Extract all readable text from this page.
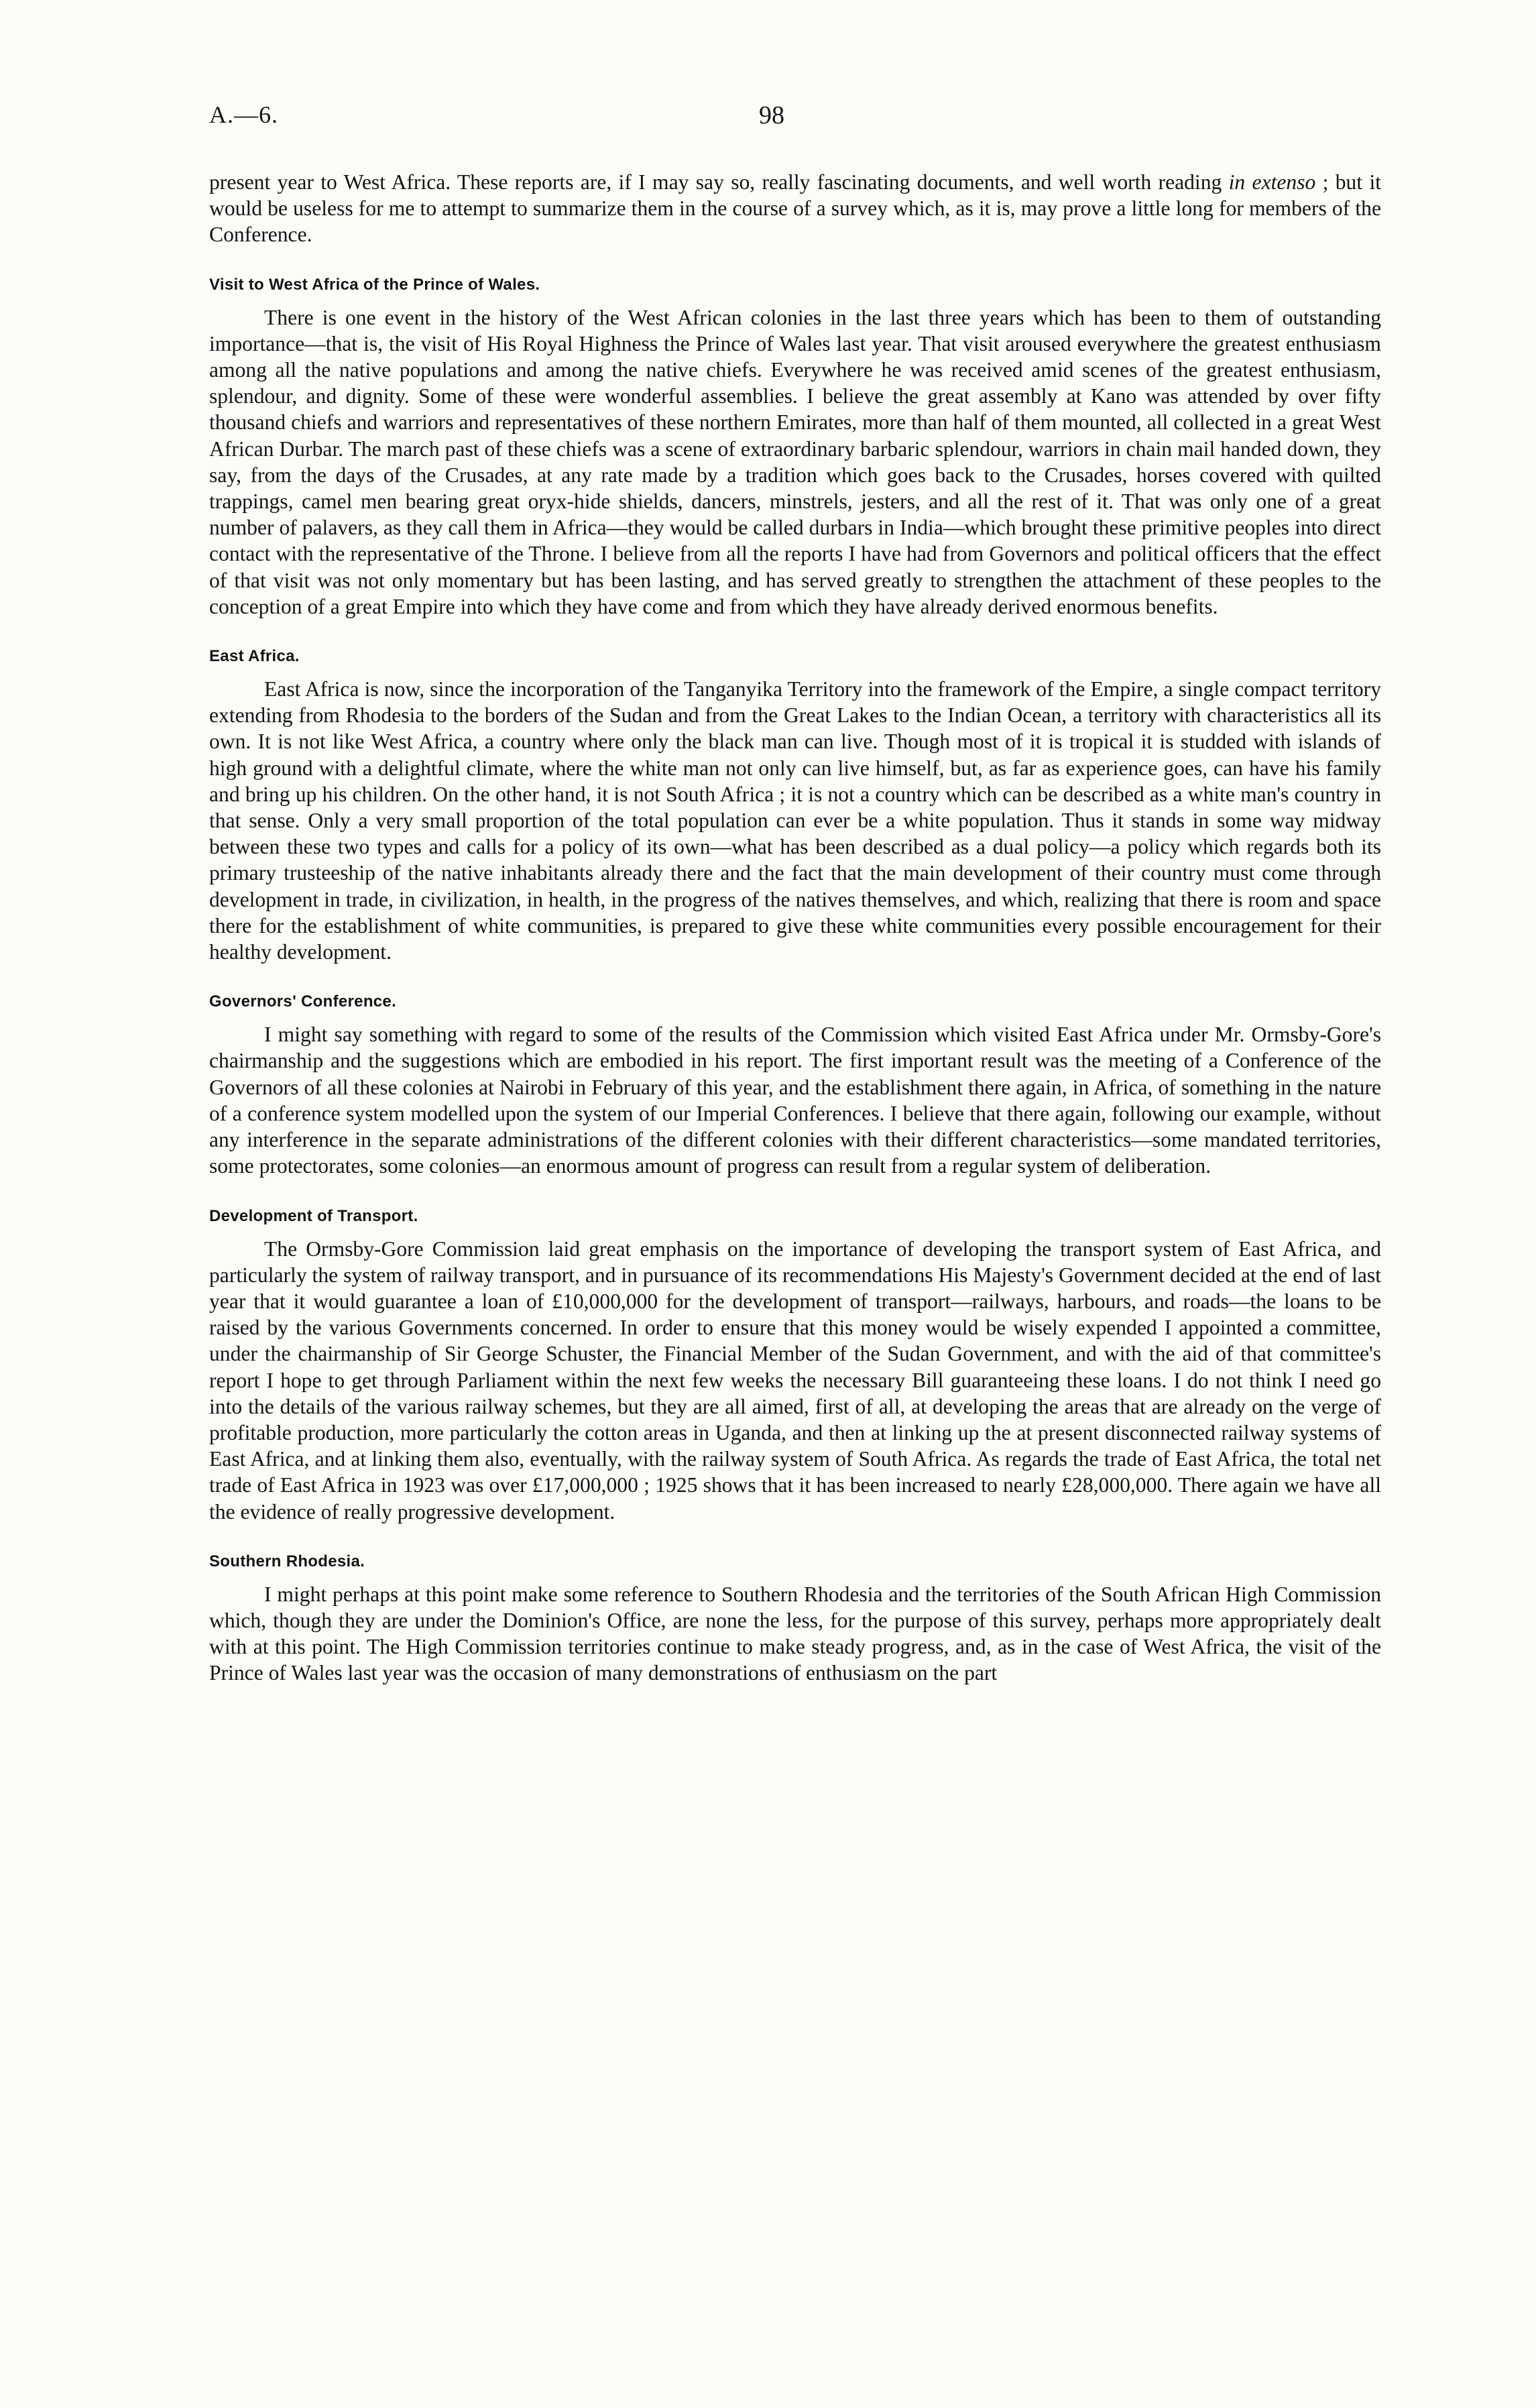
A.—6.	98

present year to West Africa. These reports are, if I may say so, really fascinating documents, and well worth reading in extenso ; but it would be useless for me to attempt to summarize them in the course of a survey which, as it is, may prove a little long for members of the Conference.

Visit to West Africa of the Prince of Wales.

There is one event in the history of the West African colonies in the last three years which has been to them of outstanding importance—that is, the visit of His Royal Highness the Prince of Wales last year. That visit aroused everywhere the greatest enthusiasm among all the native populations and among the native chiefs. Everywhere he was received amid scenes of the greatest enthusiasm, splendour, and dignity. Some of these were wonderful assemblies. I believe the great assembly at Kano was attended by over fifty thousand chiefs and warriors and representatives of these northern Emirates, more than half of them mounted, all collected in a great West African Durbar. The march past of these chiefs was a scene of extraordinary barbaric splendour, warriors in chain mail handed down, they say, from the days of the Crusades, at any rate made by a tradition which goes back to the Crusades, horses covered with quilted trappings, camel men bearing great oryx-hide shields, dancers, minstrels, jesters, and all the rest of it. That was only one of a great number of palavers, as they call them in Africa—they would be called durbars in India—which brought these primitive peoples into direct contact with the representative of the Throne. I believe from all the reports I have had from Governors and political officers that the effect of that visit was not only momentary but has been lasting, and has served greatly to strengthen the attachment of these peoples to the conception of a great Empire into which they have come and from which they have already derived enormous benefits.

East Africa.

East Africa is now, since the incorporation of the Tanganyika Territory into the framework of the Empire, a single compact territory extending from Rhodesia to the borders of the Sudan and from the Great Lakes to the Indian Ocean, a territory with characteristics all its own. It is not like West Africa, a country where only the black man can live. Though most of it is tropical it is studded with islands of high ground with a delightful climate, where the white man not only can live himself, but, as far as experience goes, can have his family and bring up his children. On the other hand, it is not South Africa ; it is not a country which can be described as a white man's country in that sense. Only a very small proportion of the total population can ever be a white population. Thus it stands in some way midway between these two types and calls for a policy of its own—what has been described as a dual policy—a policy which regards both its primary trusteeship of the native inhabitants already there and the fact that the main development of their country must come through development in trade, in civilization, in health, in the progress of the natives themselves, and which, realizing that there is room and space there for the establishment of white communities, is prepared to give these white communities every possible encouragement for their healthy development.

Governors' Conference.

I might say something with regard to some of the results of the Commission which visited East Africa under Mr. Ormsby-Gore's chairmanship and the suggestions which are embodied in his report. The first important result was the meeting of a Conference of the Governors of all these colonies at Nairobi in February of this year, and the establishment there again, in Africa, of something in the nature of a conference system modelled upon the system of our Imperial Conferences. I believe that there again, following our example, without any interference in the separate administrations of the different colonies with their different characteristics—some mandated territories, some protectorates, some colonies—an enormous amount of progress can result from a regular system of deliberation.

Development of Transport.

The Ormsby-Gore Commission laid great emphasis on the importance of developing the transport system of East Africa, and particularly the system of railway transport, and in pursuance of its recommendations His Majesty's Government decided at the end of last year that it would guarantee a loan of £10,000,000 for the development of transport—railways, harbours, and roads—the loans to be raised by the various Governments concerned. In order to ensure that this money would be wisely expended I appointed a committee, under the chairmanship of Sir George Schuster, the Financial Member of the Sudan Government, and with the aid of that committee's report I hope to get through Parliament within the next few weeks the necessary Bill guaranteeing these loans. I do not think I need go into the details of the various railway schemes, but they are all aimed, first of all, at developing the areas that are already on the verge of profitable production, more particularly the cotton areas in Uganda, and then at linking up the at present disconnected railway systems of East Africa, and at linking them also, eventually, with the railway system of South Africa. As regards the trade of East Africa, the total net trade of East Africa in 1923 was over £17,000,000 ; 1925 shows that it has been increased to nearly £28,000,000. There again we have all the evidence of really progressive development.

Southern Rhodesia.

I might perhaps at this point make some reference to Southern Rhodesia and the territories of the South African High Commission which, though they are under the Dominion's Office, are none the less, for the purpose of this survey, perhaps more appropriately dealt with at this point. The High Commission territories continue to make steady progress, and, as in the case of West Africa, the visit of the Prince of Wales last year was the occasion of many demonstrations of enthusiasm on the part
